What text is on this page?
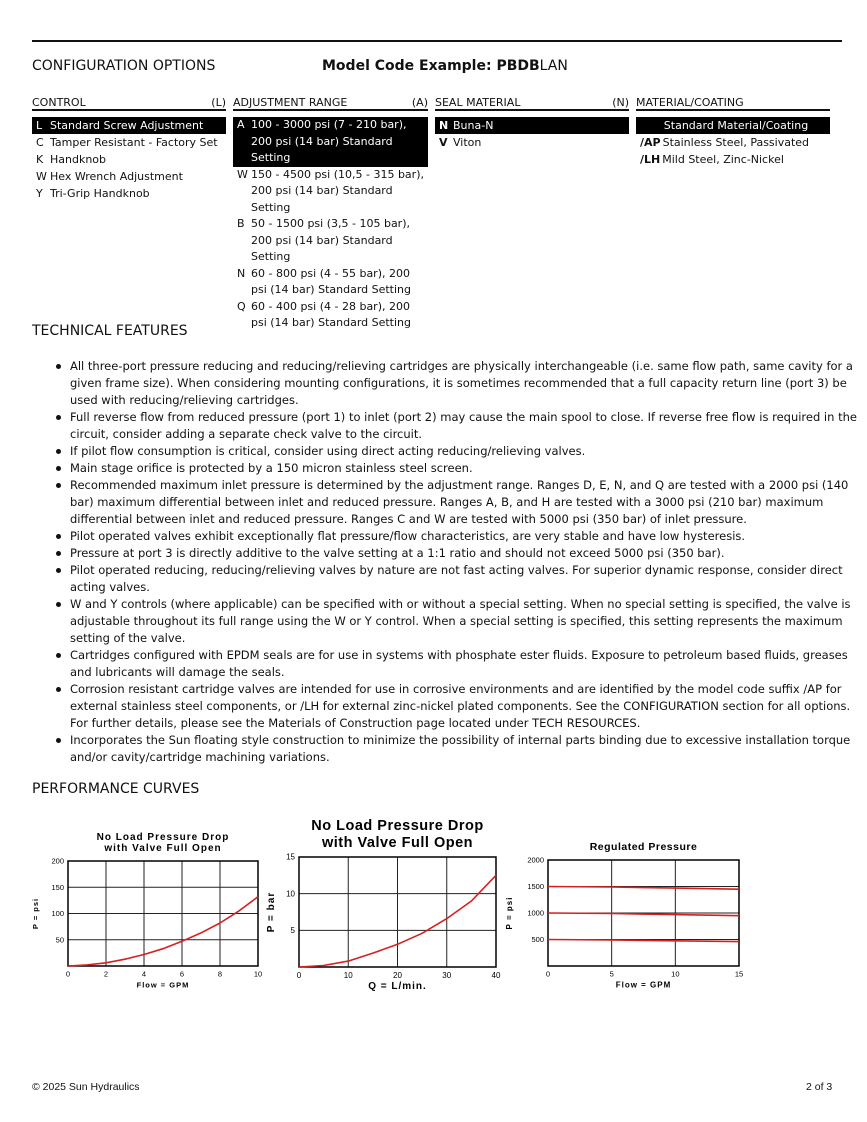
CONFIGURATION OPTIONS	Model Code Example: PBDBLAN
CONTROL	(L)
L Standard Screw Adjustment
C Tamper Resistant - Factory Set
K Handknob
W Hex Wrench Adjustment
Y Tri-Grip Handknob
ADJUSTMENT RANGE	(A)
A 100 - 3000 psi (7 - 210 bar), 200 psi (14 bar) Standard Setting
W 150 - 4500 psi (10,5 - 315 bar), 200 psi (14 bar) Standard Setting
B 50 - 1500 psi (3,5 - 105 bar), 200 psi (14 bar) Standard Setting
N 60 - 800 psi (4 - 55 bar), 200 psi (14 bar) Standard Setting
Q 60 - 400 psi (4 - 28 bar), 200 psi (14 bar) Standard Setting
SEAL MATERIAL	(N)
N Buna-N
V Viton
MATERIAL/COATING
Standard Material/Coating
/AP Stainless Steel, Passivated
/LH Mild Steel, Zinc-Nickel
TECHNICAL FEATURES
All three-port pressure reducing and reducing/relieving cartridges are physically interchangeable (i.e. same flow path, same cavity for a given frame size). When considering mounting configurations, it is sometimes recommended that a full capacity return line (port 3) be used with reducing/relieving cartridges.
Full reverse flow from reduced pressure (port 1) to inlet (port 2) may cause the main spool to close. If reverse free flow is required in the circuit, consider adding a separate check valve to the circuit.
If pilot flow consumption is critical, consider using direct acting reducing/relieving valves.
Main stage orifice is protected by a 150 micron stainless steel screen.
Recommended maximum inlet pressure is determined by the adjustment range. Ranges D, E, N, and Q are tested with a 2000 psi (140 bar) maximum differential between inlet and reduced pressure. Ranges A, B, and H are tested with a 3000 psi (210 bar) maximum differential between inlet and reduced pressure. Ranges C and W are tested with 5000 psi (350 bar) of inlet pressure.
Pilot operated valves exhibit exceptionally flat pressure/flow characteristics, are very stable and have low hysteresis.
Pressure at port 3 is directly additive to the valve setting at a 1:1 ratio and should not exceed 5000 psi (350 bar).
Pilot operated reducing, reducing/relieving valves by nature are not fast acting valves. For superior dynamic response, consider direct acting valves.
W and Y controls (where applicable) can be specified with or without a special setting. When no special setting is specified, the valve is adjustable throughout its full range using the W or Y control. When a special setting is specified, this setting represents the maximum setting of the valve.
Cartridges configured with EPDM seals are for use in systems with phosphate ester fluids. Exposure to petroleum based fluids, greases and lubricants will damage the seals.
Corrosion resistant cartridge valves are intended for use in corrosive environments and are identified by the model code suffix /AP for external stainless steel components, or /LH for external zinc-nickel plated components. See the CONFIGURATION section for all options. For further details, please see the Materials of Construction page located under TECH RESOURCES.
Incorporates the Sun floating style construction to minimize the possibility of internal parts binding due to excessive installation torque and/or cavity/cartridge machining variations.
PERFORMANCE CURVES
No Load Pressure Drop
with Valve Full Open
0	2	4	6	8	10
50
100
150
200
Flow = GPM
P = psi
No Load Pressure Drop
with Valve Full Open
0	10	20	30	40
5
10
15
Q = L/min.
P = bar
Regulated Pressure
0	5	10	15
500
1000
1500
2000
Flow = GPM
P = psi
© 2025 Sun Hydraulics	2 of 3
